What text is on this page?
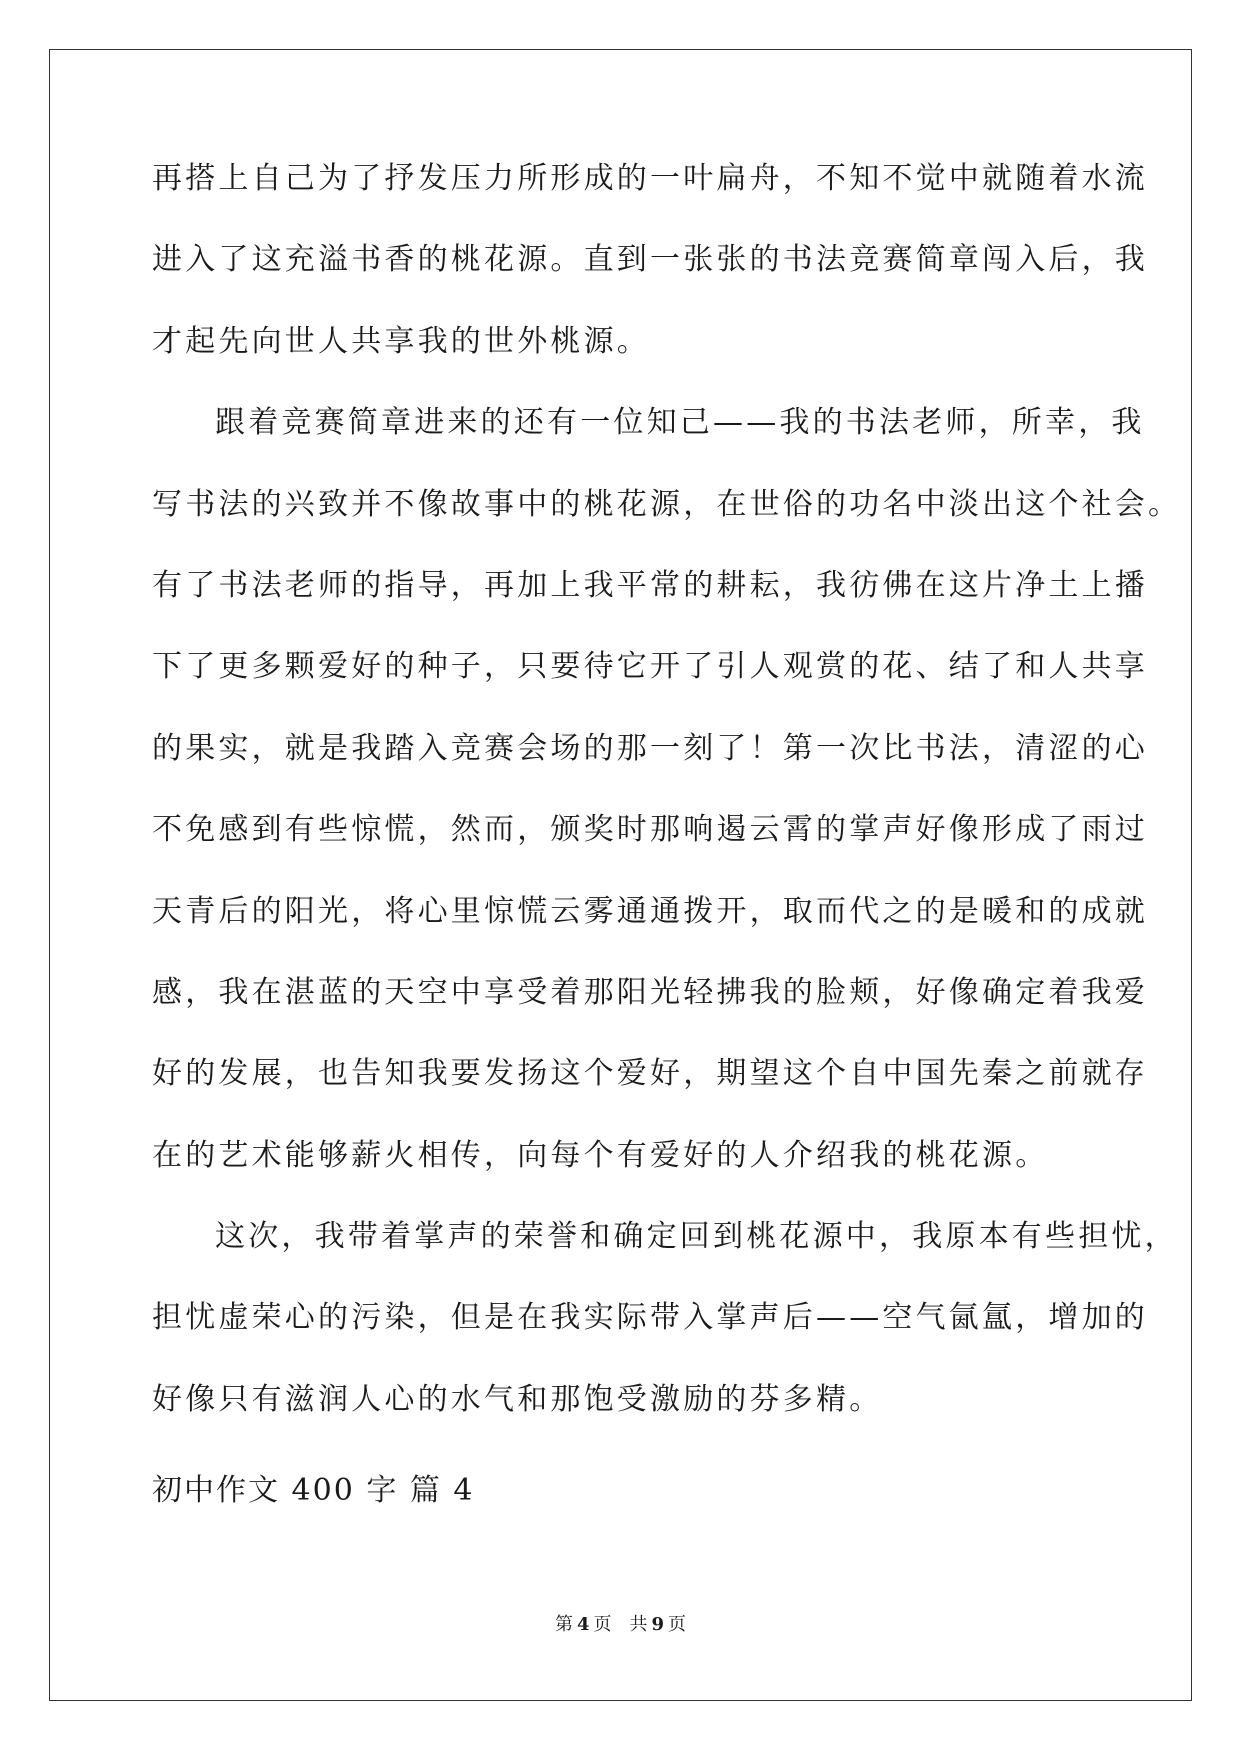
再搭上自己为了抒发压力所形成的一叶扁舟，不知不觉中就随着水流
进入了这充溢书香的桃花源。直到一张张的书法竞赛简章闯入后，我
才起先向世人共享我的世外桃源。
跟着竞赛简章进来的还有一位知己——我的书法老师，所幸，我
写书法的兴致并不像故事中的桃花源，在世俗的功名中淡出这个社会。
有了书法老师的指导，再加上我平常的耕耘，我彷佛在这片净土上播
下了更多颗爱好的种子，只要待它开了引人观赏的花、结了和人共享
的果实，就是我踏入竞赛会场的那一刻了！第一次比书法，清涩的心
不免感到有些惊慌，然而，颁奖时那响遏云霄的掌声好像形成了雨过
天青后的阳光，将心里惊慌云雾通通拨开，取而代之的是暖和的成就
感，我在湛蓝的天空中享受着那阳光轻拂我的脸颊，好像确定着我爱
好的发展，也告知我要发扬这个爱好，期望这个自中国先秦之前就存
在的艺术能够薪火相传，向每个有爱好的人介绍我的桃花源。
这次，我带着掌声的荣誉和确定回到桃花源中，我原本有些担忧，
担忧虚荣心的污染，但是在我实际带入掌声后——空气氤氲，增加的
好像只有滋润人心的水气和那饱受激励的芬多精。
初中作文 400 字 篇 4
第 4 页 共 9 页
